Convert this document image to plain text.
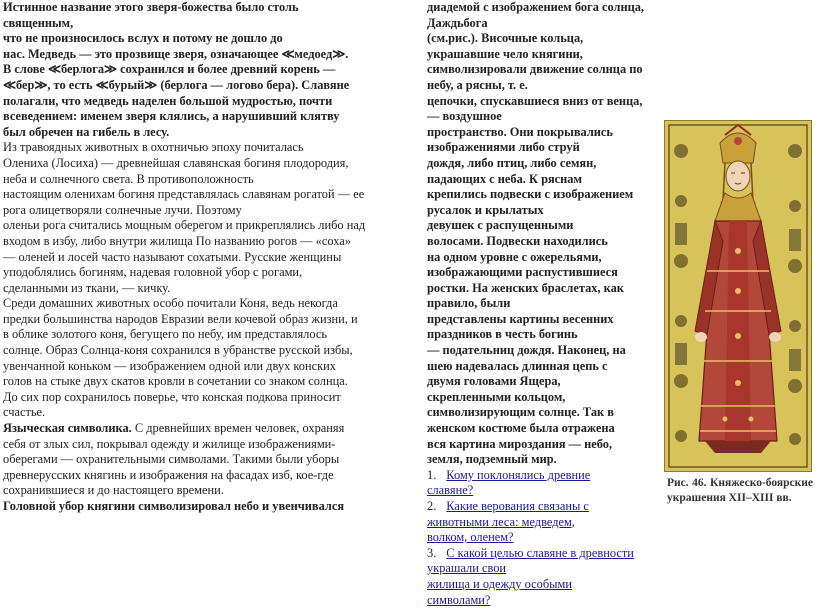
Истинное название этого зверя-божества было столь

священным,

что не произносилось вслух и потому не дошло до

нас. Медведь — это прозвище зверя, означающее ≪медоед≫.

В слове ≪берлога≫ сохранился и более древний корень —

≪бер≫, то есть ≪бурый≫ (берлога — логово бера). Славяне

полагали, что медведь наделен большой мудростью, почти

всеведением: именем зверя клялись, а нарушивший клятву

был обречен на гибель в лесу.

Из травоядных животных в охотничью эпоху почиталась

Олениха (Лосиха) — древнейшая славянская богиня плодородия,

неба и солнечного света. В противоположность

настоящим оленихам богиня представлялась славянам рогатой — ее

рога олицетворяли солнечные лучи. Поэтому

оленьи рога считались мощным оберегом и прикреплялись либо над

входом в избу, либо внутри жилища По названию рогов — «соха»

— оленей и лосей часто называют сохатыми. Русские женщины

уподоблялись богиням, надевая головной убор с рогами,

сделанными из ткани, — кичку.

Среди домашних животных особо почитали Коня, ведь некогда

предки большинства народов Евразии вели кочевой образ жизни, и

в облике золотого коня, бегущего по небу, им представлялось

солнце. Образ Солнца-коня сохранился в убранстве русской избы,

увенчанной коньком — изображением одной или двух конских

голов на стыке двух скатов кровли в сочетании со знаком солнца.

До сих пор сохранилось поверье, что конская подкова приносит

счастье.

Языческая символика. С древнейших времен человек, охраняя

себя от злых сил, покрывал одежду и жилище изображениями-

оберегами — охранительными символами. Такими были уборы

древнерусских княгинь и изображения на фасадах изб, кое-где

сохранившиеся и до настоящего времени.

Головной убор княгини символизировал небо и увенчивался

диадемой с изображением бога солнца, Даждьбога

(см.рис.). Височные кольца, украшавшие чело княгини,

символизировали движение солнца по небу, а рясны, т. е.

цепочки, спускавшиеся вниз от венца, — воздушное

пространство. Они покрывались изображениями либо струй

дождя, либо птиц, либо семян, падающих с неба. К ряснам

крепились подвески с изображением русалок и крылатых

девушек с распущенными

волосами. Подвески находились

на одном уровне с ожерельями,

изображающими распустившиеся

ростки. На женских браслетах, как

правило, были

представлены картины весенних

праздников в честь богинь

— подательниц дождя. Наконец, на

шею надевалась длинная цепь с

двумя головами Ящера,

скрепленными кольцом,

символизирующим солнце. Так в

женском костюме была отражена

вся картина мироздания — небо,

земля, подземный мир.

1. Кому поклонялись древние

славяне?

2. Какие верования связаны с

животными леса: медведем,

волком, оленем?

3. С какой целью славяне в древности

украшали свои

жилища и одежду особыми

символами?

Рис. 46. Княжеско-боярские украшения XII–XIII вв.
